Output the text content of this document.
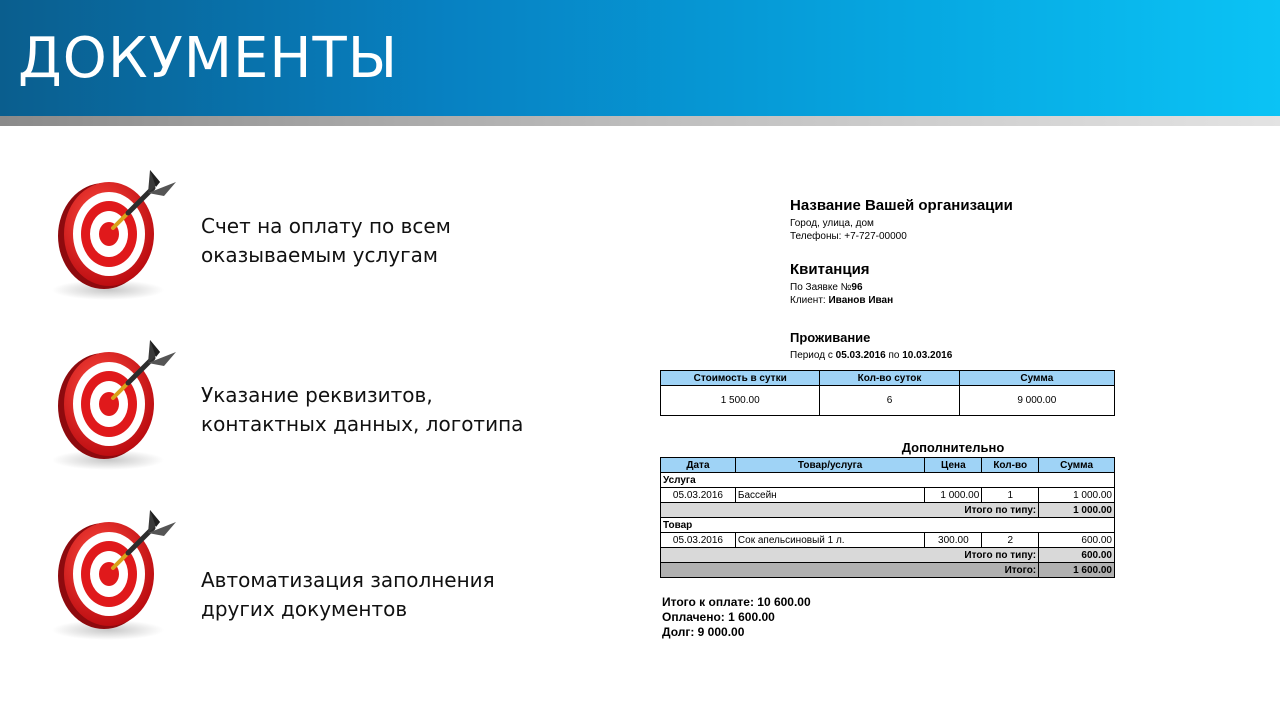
ДОКУМЕНТЫ
Счет на оплату по всем
оказываемым услугам
Указание реквизитов,
контактных данных, логотипа
Автоматизация заполнения
других документов
Название Вашей организации
Город, улица, дом
Телефоны: +7-727-00000
Квитанция
По Заявке №96
Клиент: Иванов Иван
Проживание
Период с 05.03.2016 по 10.03.2016
Стоимость в сутки	Кол-во суток	Сумма
1 500.00	6	9 000.00
Дополнительно
Дата	Товар/услуга	Цена	Кол-во	Сумма
Услуга				
05.03.2016	Бассейн	1 000.00	1	1 000.00
Итого по типу:				1 000.00
Товар				
05.03.2016	Сок апельсиновый 1 л.	300.00	2	600.00
Итого по типу:				600.00
Итого:				1 600.00
Итого к оплате: 10 600.00
Оплачено: 1 600.00
Долг: 9 000.00
